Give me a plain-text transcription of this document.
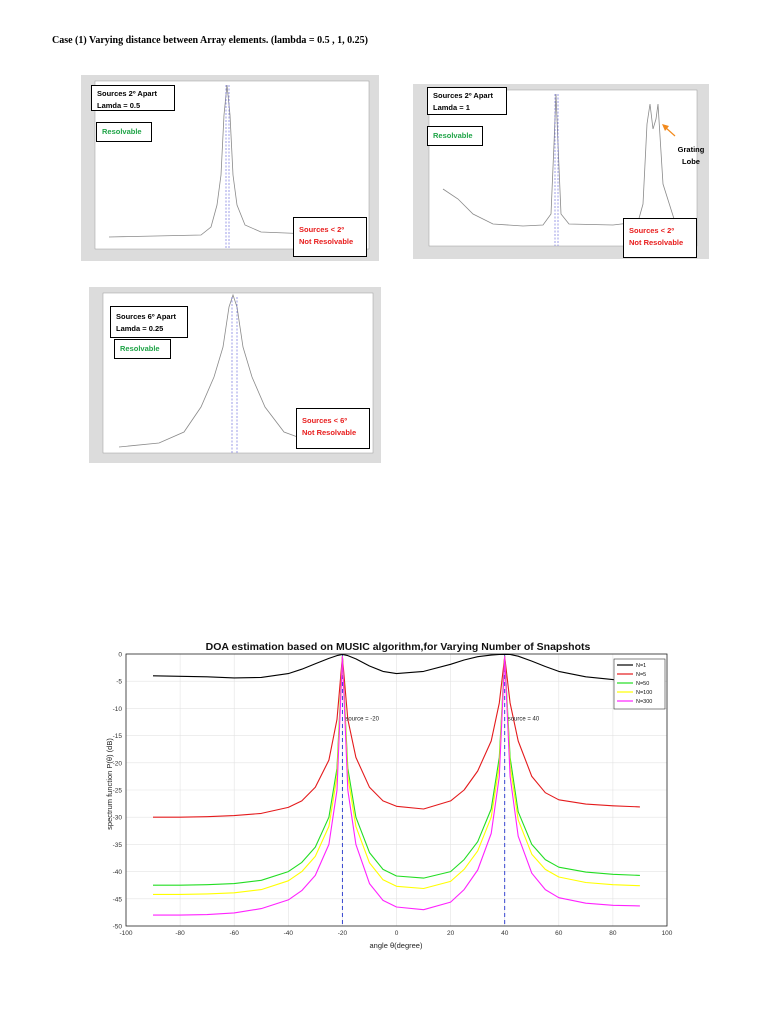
Case (1) Varying distance between Array elements. (lambda = 0.5 , 1, 0.25)
Sources 2º Apart
Lamda = 0.5
Resolvable
Sources < 2º
Not Resolvable
Sources 2º Apart
Lamda = 1
Resolvable
Sources < 2º
Not Resolvable
Grating
Lobe
Sources 6º Apart
Lamda = 0.25
Resolvable
Sources < 6º
Not Resolvable
DOA estimation based on MUSIC algorithm,for Varying Number of Snapshots
0
-5
-10
-15
-20
-25
-30
-35
-40
-45
-50
-100	-80	-60	-40	-20	0	20	40	60	80	100
source = -20	source = 40
N=1
N=5
N=50
N=100
N=300
angle θ(degree)
spectrum function P(θ) (dB)
